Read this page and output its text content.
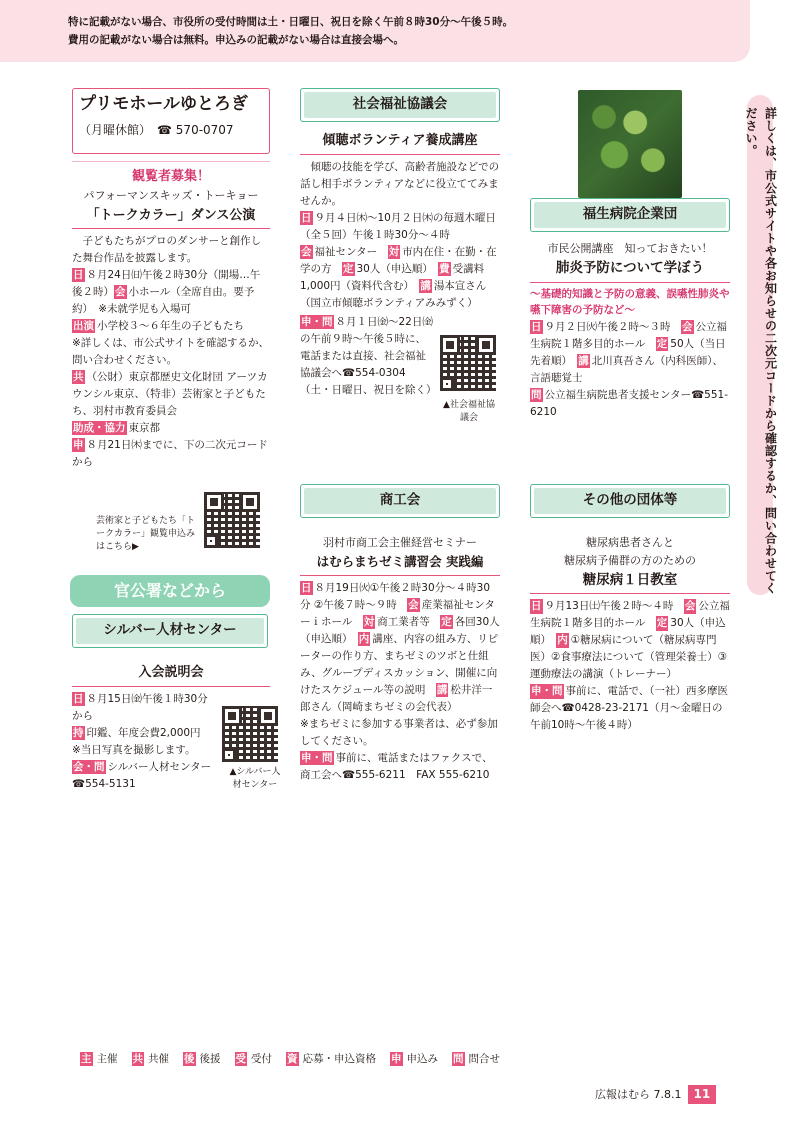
特に記載がない場合、市役所の受付時間は土・日曜日、祝日を除く午前８時30分～午後５時。
費用の記載がない場合は無料。申込みの記載がない場合は直接会場へ。
詳しくは、市公式サイトや各お知らせの二次元コードから確認するか、問い合わせてください。
プリモホールゆとろぎ
（月曜休館）　 ☎ 570-0707
観覧者募集！
パフォーマンスキッズ・トーキョー
「トークカラー」ダンス公演
子どもたちがプロのダンサーと創作した舞台作品を披露します。
日 ８月24日㈰午後２時30分（開場…午後２時）会 小ホール（全席自由。要予約）　※未就学児も入場可
出演 小学校３～６年生の子どもたち
※詳しくは、市公式サイトを確認するか、問い合わせください。
共 （公財）東京都歴史文化財団 アーツカウンシル東京、（特非）芸術家と子どもたち、羽村市教育委員会
助成・協力 東京都
申 ８月21日㈭までに、下の二次元コードから
芸術家と子どもたち「トークカラー」観覧申込みはこちら▶
官公署などから
シルバー人材センター
入会説明会
日 ８月15日㈮午後１時30分から
持 印鑑、年度会費2,000円
※当日写真を撮影します。
会・問 シルバー人材センター☎554-5131
▲シルバー人材センター
社会福祉協議会
傾聴ボランティア養成講座
傾聴の技能を学び、高齢者施設などでの話し相手ボランティアなどに役立ててみませんか。
日 ９月４日㈭～10月２日㈭の毎週木曜日（全５回）午後１時30分～４時
会 福祉センター　 対 市内在住・在勤・在学の方　 定 30人（申込順）　 費 受講料1,000円（資料代含む）　 講 湯本宣さん（国立市傾聴ボランティアみみずく）
申・問 ８月１日㈮～22日㈮の午前９時～午後５時に、電話または直接、社会福祉協議会へ☎554-0304（土・日曜日、祝日を除く）
▲社会福祉協議会
商工会
羽村市商工会主催経営セミナー
はむらまちゼミ講習会 実践編
日 ８月19日㈫①午後２時30分～４時30分 ②午後７時～９時　 会 産業福祉センターｉホール　 対 商工業者等　 定 各回30人（申込順）　 内 講座、内容の組み方、リピーターの作り方、まちゼミのツボと仕組み、グループディスカッション、開催に向けたスケジュール等の説明　 講 松井洋一郎さん（岡崎まちゼミの会代表）
※まちゼミに参加する事業者は、必ず参加してください。
申・問 事前に、電話またはファクスで、商工会へ☎555-6211　FAX 555-6210
福生病院企業団
市民公開講座　知っておきたい！
肺炎予防について学ぼう
～基礎的知識と予防の意義、誤嚥性肺炎や嚥下障害の予防など～
日 ９月２日㈫午後２時～３時　 会 公立福生病院１階多目的ホール　 定 50人（当日先着順）　 講 北川真吾さん（内科医師）、言語聴覚士
問 公立福生病院患者支援センター☎551-6210
その他の団体等
糖尿病患者さんと
糖尿病予備群の方のための
糖尿病１日教室
日 ９月13日㈯午後２時～４時　 会 公立福生病院１階多目的ホール　 定 30人（申込順）　 内 ①糖尿病について（糖尿病専門医）②食事療法について（管理栄養士）③運動療法の講演（トレーナー）
申・問 事前に、電話で、（一社）西多摩医師会へ☎0428-23-2171（月～金曜日の午前10時～午後４時）
主 主催 共 共催 後 後援 受 受付 資 応募・申込資格 申 申込み 問 問合せ
広報はむら 7.8.1	11
